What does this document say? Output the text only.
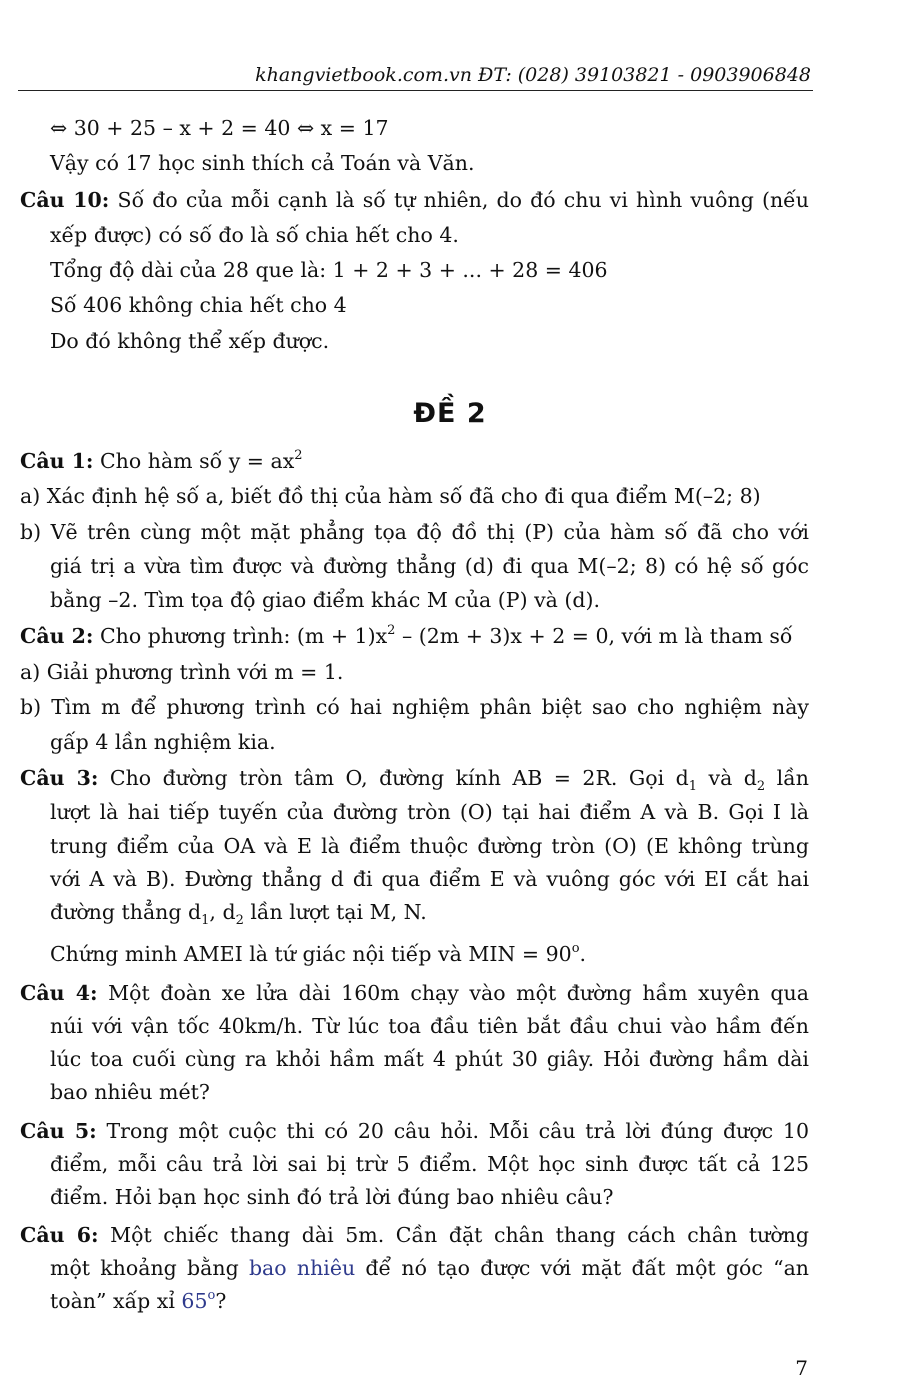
khangvietbook.com.vn ĐT: (028) 39103821 - 0903906848
⇔ 30 + 25 – x + 2 = 40 ⇔ x = 17
Vậy có 17 học sinh thích cả Toán và Văn.
Câu 10: Số đo của mỗi cạnh là số tự nhiên, do đó chu vi hình vuông (nếu
xếp được) có số đo là số chia hết cho 4.
Tổng độ dài của 28 que là: 1 + 2 + 3 + ... + 28 = 406
Số 406 không chia hết cho 4
Do đó không thể xếp được.
ĐỀ 2
Câu 1: Cho hàm số $y = ax^2$
a) Xác định hệ số a, biết đồ thị của hàm số đã cho đi qua điểm M(–2; 8)
b) Vẽ trên cùng một mặt phẳng tọa độ đồ thị (P) của hàm số đã cho với
giá trị a vừa tìm được và đường thẳng (d) đi qua M(–2; 8) có hệ số góc
bằng –2. Tìm tọa độ giao điểm khác M của (P) và (d).
Câu 2: Cho phương trình: $(m + 1)x^2 - (2m + 3)x + 2 = 0$, với m là tham số
a) Giải phương trình với m = 1.
b) Tìm m để phương trình có hai nghiệm phân biệt sao cho nghiệm này
gấp 4 lần nghiệm kia.
Câu 3: Cho đường tròn tâm O, đường kính AB = 2R. Gọi $d_1$ và $d_2$ lần
lượt là hai tiếp tuyến của đường tròn (O) tại hai điểm A và B. Gọi I là
trung điểm của OA và E là điểm thuộc đường tròn (O) (E không trùng
với A và B). Đường thẳng d đi qua điểm E và vuông góc với EI cắt hai
đường thẳng $d_1$, $d_2$ lần lượt tại M, N.
Chứng minh AMEI là tứ giác nội tiếp và MIN = $90^o$.
Câu 4: Một đoàn xe lửa dài 160m chạy vào một đường hầm xuyên qua
núi với vận tốc 40km/h. Từ lúc toa đầu tiên bắt đầu chui vào hầm đến
lúc toa cuối cùng ra khỏi hầm mất 4 phút 30 giây. Hỏi đường hầm dài
bao nhiêu mét?
Câu 5: Trong một cuộc thi có 20 câu hỏi. Mỗi câu trả lời đúng được 10
điểm, mỗi câu trả lời sai bị trừ 5 điểm. Một học sinh được tất cả 125
điểm. Hỏi bạn học sinh đó trả lời đúng bao nhiêu câu?
Câu 6: Một chiếc thang dài 5m. Cần đặt chân thang cách chân tường
một khoảng bằng bao nhiêu để nó tạo được với mặt đất một góc “an
toàn” xấp xỉ 65$^o$?
7
